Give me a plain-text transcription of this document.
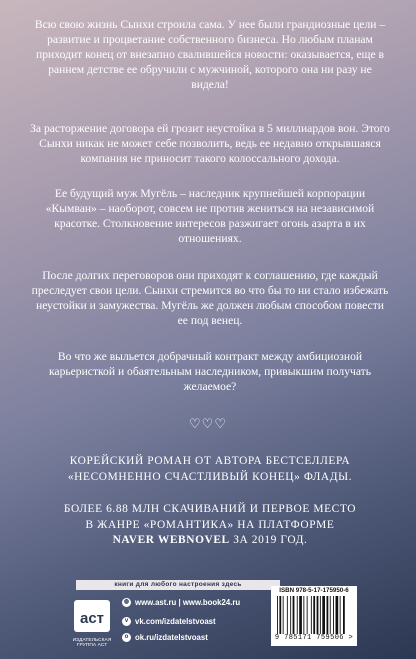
Всю свою жизнь Сынхи строила сама. У нее были грандиозные цели – развитие и процветание собственного бизнеса. Но любым планам приходит конец от внезапно свалившейся новости: оказывается, еще в раннем детстве ее обручили с мужчиной, которого она ни разу не видела!

За расторжение договора ей грозит неустойка в 5 миллиардов вон. Этого Сынхи никак не может себе позволить, ведь ее недавно открывшаяся компания не приносит такого колоссального дохода.

Ее будущий муж Мугёль – наследник крупнейшей корпорации «Кымван» – наоборот, совсем не против жениться на независимой красотке. Столкновение интересов разжигает огонь азарта в их отношениях.

После долгих переговоров они приходят к соглашению, где каждый преследует свои цели. Сынхи стремится во что бы то ни стало избежать неустойки и замужества. Мугёль же должен любым способом повести ее под венец.

Во что же выльется добрачный контракт между амбициозной карьеристкой и обаятельным наследником, привыкшим получать желаемое?

♡♡♡
КОРЕЙСКИЙ РОМАН ОТ АВТОРА БЕСТСЕЛЛЕРА
«НЕСОМНЕННО СЧАСТЛИВЫЙ КОНЕЦ» ФЛАДЫ.
БОЛЕЕ 6.88 МЛН СКАЧИВАНИЙ И ПЕРВОЕ МЕСТО
В ЖАНРЕ «РОМАНТИКА» НА ПЛАТФОРМЕ
NAVER WEBNOVEL ЗА 2019 ГОД.
книги для любого настроения здесь
аст
ИЗДАТЕЛЬСКАЯ ГРУППА АСТ
◍ www.ast.ru | www.book24.ru
v vk.com/izdatelstvoast
o ok.ru/izdatelstvoast
ISBN 978-5-17-175950-6
9 785171 759506 >
